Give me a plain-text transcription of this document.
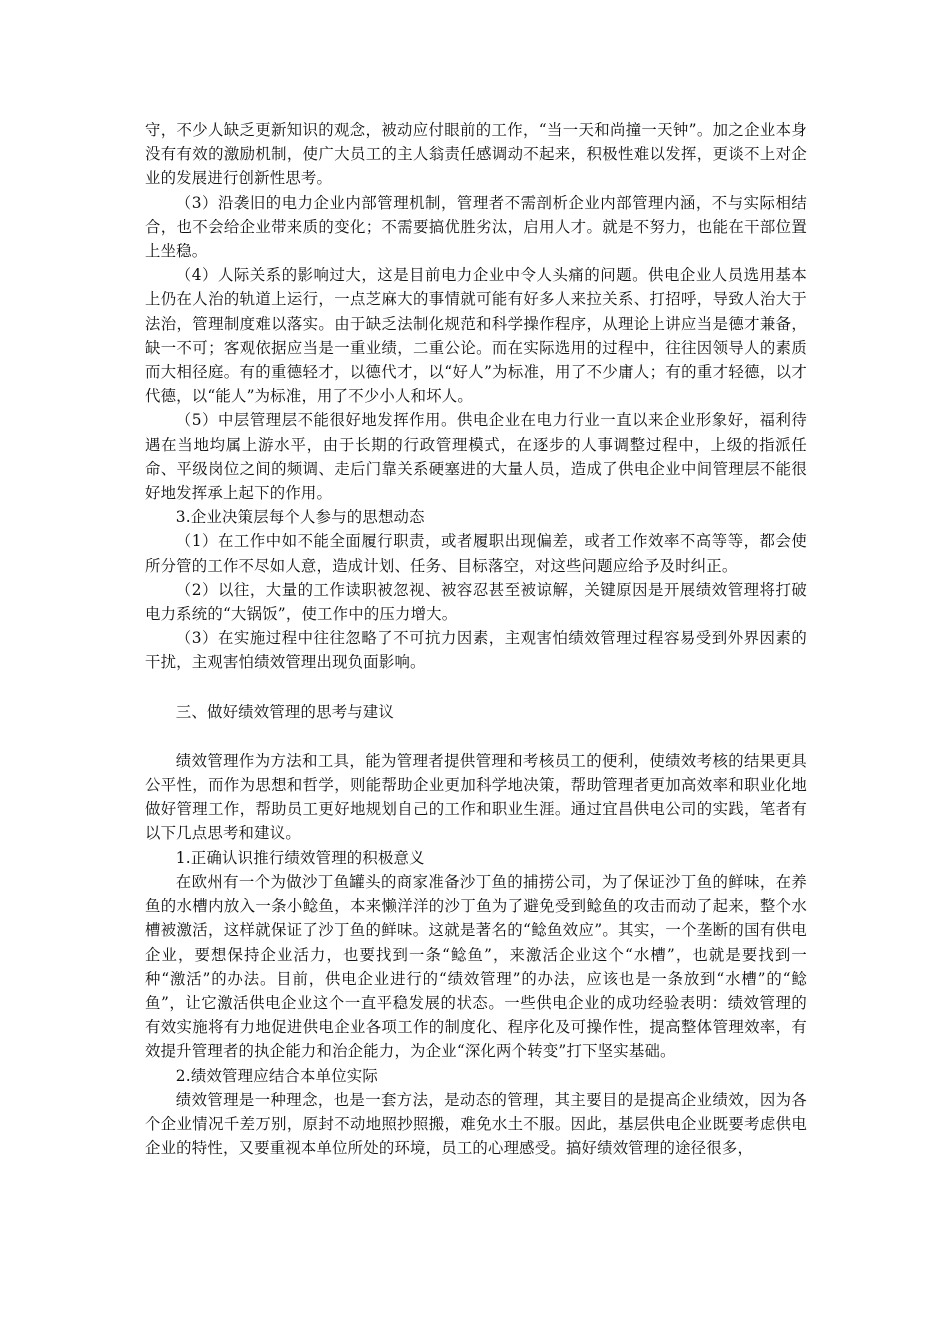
守，不少人缺乏更新知识的观念，被动应付眼前的工作，“当一天和尚撞一天钟”。加之企业本身没有有效的激励机制，使广大员工的主人翁责任感调动不起来，积极性难以发挥，更谈不上对企业的发展进行创新性思考。

（3）沿袭旧的电力企业内部管理机制，管理者不需剖析企业内部管理内涵，不与实际相结合，也不会给企业带来质的变化；不需要搞优胜劣汰，启用人才。就是不努力，也能在干部位置上坐稳。

（4）人际关系的影响过大，这是目前电力企业中令人头痛的问题。供电企业人员选用基本上仍在人治的轨道上运行，一点芝麻大的事情就可能有好多人来拉关系、打招呼，导致人治大于法治，管理制度难以落实。由于缺乏法制化规范和科学操作程序，从理论上讲应当是德才兼备，缺一不可；客观依据应当是一重业绩，二重公论。而在实际选用的过程中，往往因领导人的素质而大相径庭。有的重德轻才，以德代才，以“好人”为标准，用了不少庸人；有的重才轻德，以才代德，以“能人”为标准，用了不少小人和坏人。

（5）中层管理层不能很好地发挥作用。供电企业在电力行业一直以来企业形象好，福利待遇在当地均属上游水平，由于长期的行政管理模式，在逐步的人事调整过程中，上级的指派任命、平级岗位之间的频调、走后门靠关系硬塞进的大量人员，造成了供电企业中间管理层不能很好地发挥承上起下的作用。

3.企业决策层每个人参与的思想动态

（1）在工作中如不能全面履行职责，或者履职出现偏差，或者工作效率不高等等，都会使所分管的工作不尽如人意，造成计划、任务、目标落空，对这些问题应给予及时纠正。

（2）以往，大量的工作读职被忽视、被容忍甚至被谅解，关键原因是开展绩效管理将打破电力系统的“大锅饭”，使工作中的压力增大。

（3）在实施过程中往往忽略了不可抗力因素，主观害怕绩效管理过程容易受到外界因素的干扰，主观害怕绩效管理出现负面影响。

三、做好绩效管理的思考与建议

绩效管理作为方法和工具，能为管理者提供管理和考核员工的便利，使绩效考核的结果更具公平性，而作为思想和哲学，则能帮助企业更加科学地决策，帮助管理者更加高效率和职业化地做好管理工作，帮助员工更好地规划自己的工作和职业生涯。通过宜昌供电公司的实践，笔者有以下几点思考和建议。

1.正确认识推行绩效管理的积极意义

在欧州有一个为做沙丁鱼罐头的商家准备沙丁鱼的捕捞公司，为了保证沙丁鱼的鲜味，在养鱼的水槽内放入一条小鲶鱼，本来懒洋洋的沙丁鱼为了避免受到鲶鱼的攻击而动了起来，整个水槽被激活，这样就保证了沙丁鱼的鲜味。这就是著名的“鲶鱼效应”。其实，一个垄断的国有供电企业，要想保持企业活力，也要找到一条“鲶鱼”，来激活企业这个“水槽”，也就是要找到一种“激活”的办法。目前，供电企业进行的“绩效管理”的办法，应该也是一条放到“水槽”的“鲶鱼”，让它激活供电企业这个一直平稳发展的状态。一些供电企业的成功经验表明：绩效管理的有效实施将有力地促进供电企业各项工作的制度化、程序化及可操作性，提高整体管理效率，有效提升管理者的执企能力和治企能力，为企业“深化两个转变”打下坚实基础。

2.绩效管理应结合本单位实际

绩效管理是一种理念，也是一套方法，是动态的管理，其主要目的是提高企业绩效，因为各个企业情况千差万别，原封不动地照抄照搬，难免水土不服。因此，基层供电企业既要考虑供电企业的特性，又要重视本单位所处的环境，员工的心理感受。搞好绩效管理的途径很多，
